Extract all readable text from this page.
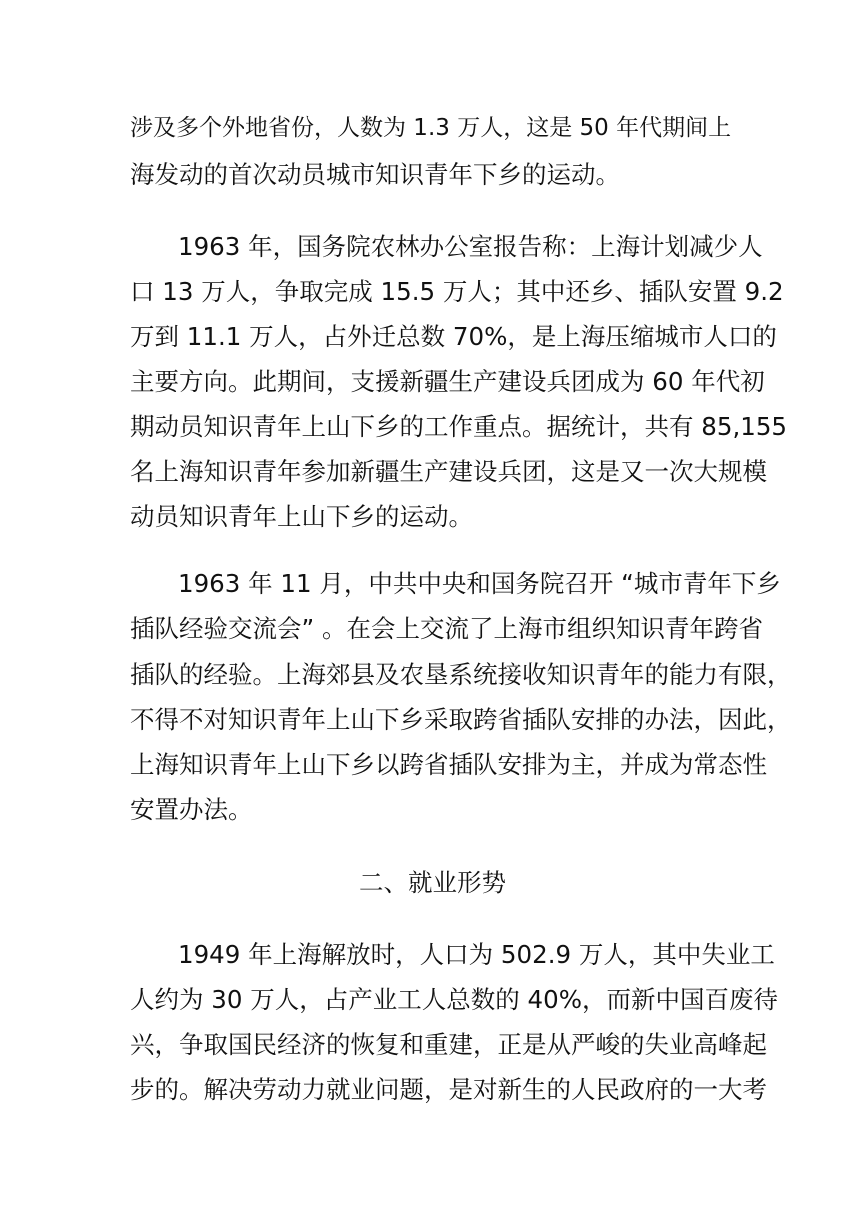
涉及多个外地省份，人数为 1.3 万人，这是 50 年代期间上
海发动的首次动员城市知识青年下乡的运动。
1963 年，国务院农林办公室报告称：上海计划减少人
口 13 万人，争取完成 15.5 万人；其中还乡、插队安置 9.2
万到 11.1 万人，占外迁总数 70%，是上海压缩城市人口的
主要方向。此期间，支援新疆生产建设兵团成为 60 年代初
期动员知识青年上山下乡的工作重点。据统计，共有 85,155
名上海知识青年参加新疆生产建设兵团，这是又一次大规模
动员知识青年上山下乡的运动。
1963 年 11 月，中共中央和国务院召开 “城市青年下乡
插队经验交流会” 。在会上交流了上海市组织知识青年跨省
插队的经验。上海郊县及农垦系统接收知识青年的能力有限，
不得不对知识青年上山下乡采取跨省插队安排的办法，因此，
上海知识青年上山下乡以跨省插队安排为主，并成为常态性
安置办法。
二、就业形势
1949 年上海解放时，人口为 502.9 万人，其中失业工
人约为 30 万人，占产业工人总数的 40%，而新中国百废待
兴，争取国民经济的恢复和重建，正是从严峻的失业高峰起
步的。解决劳动力就业问题，是对新生的人民政府的一大考
